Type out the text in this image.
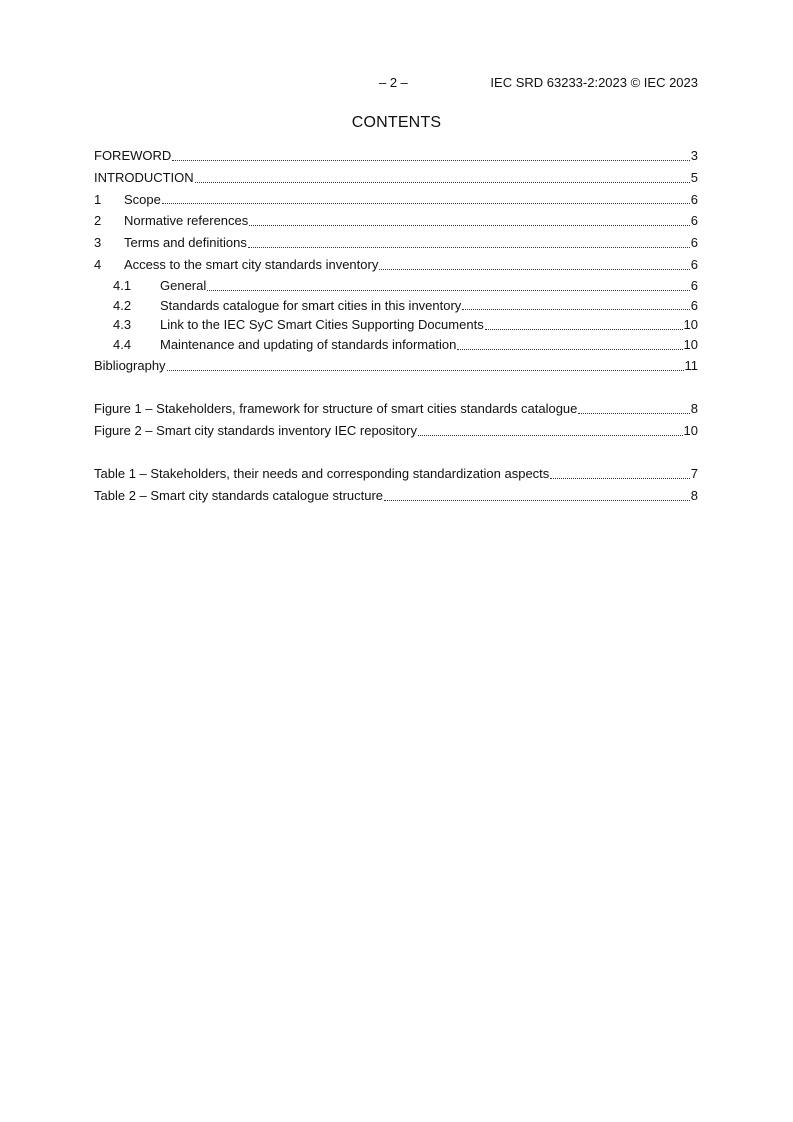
– 2 –	IEC SRD 63233-2:2023 © IEC 2023
CONTENTS
FOREWORD	3
INTRODUCTION	5
1	Scope	6
2	Normative references	6
3	Terms and definitions	6
4	Access to the smart city standards inventory	6
4.1	General	6
4.2	Standards catalogue for smart cities in this inventory	6
4.3	Link to the IEC SyC Smart Cities Supporting Documents	10
4.4	Maintenance and updating of standards information	10
Bibliography	11
Figure 1 – Stakeholders, framework for structure of smart cities standards catalogue	8
Figure 2 – Smart city standards inventory IEC repository	10
Table 1 – Stakeholders, their needs and corresponding standardization aspects	7
Table 2 – Smart city standards catalogue structure	8
